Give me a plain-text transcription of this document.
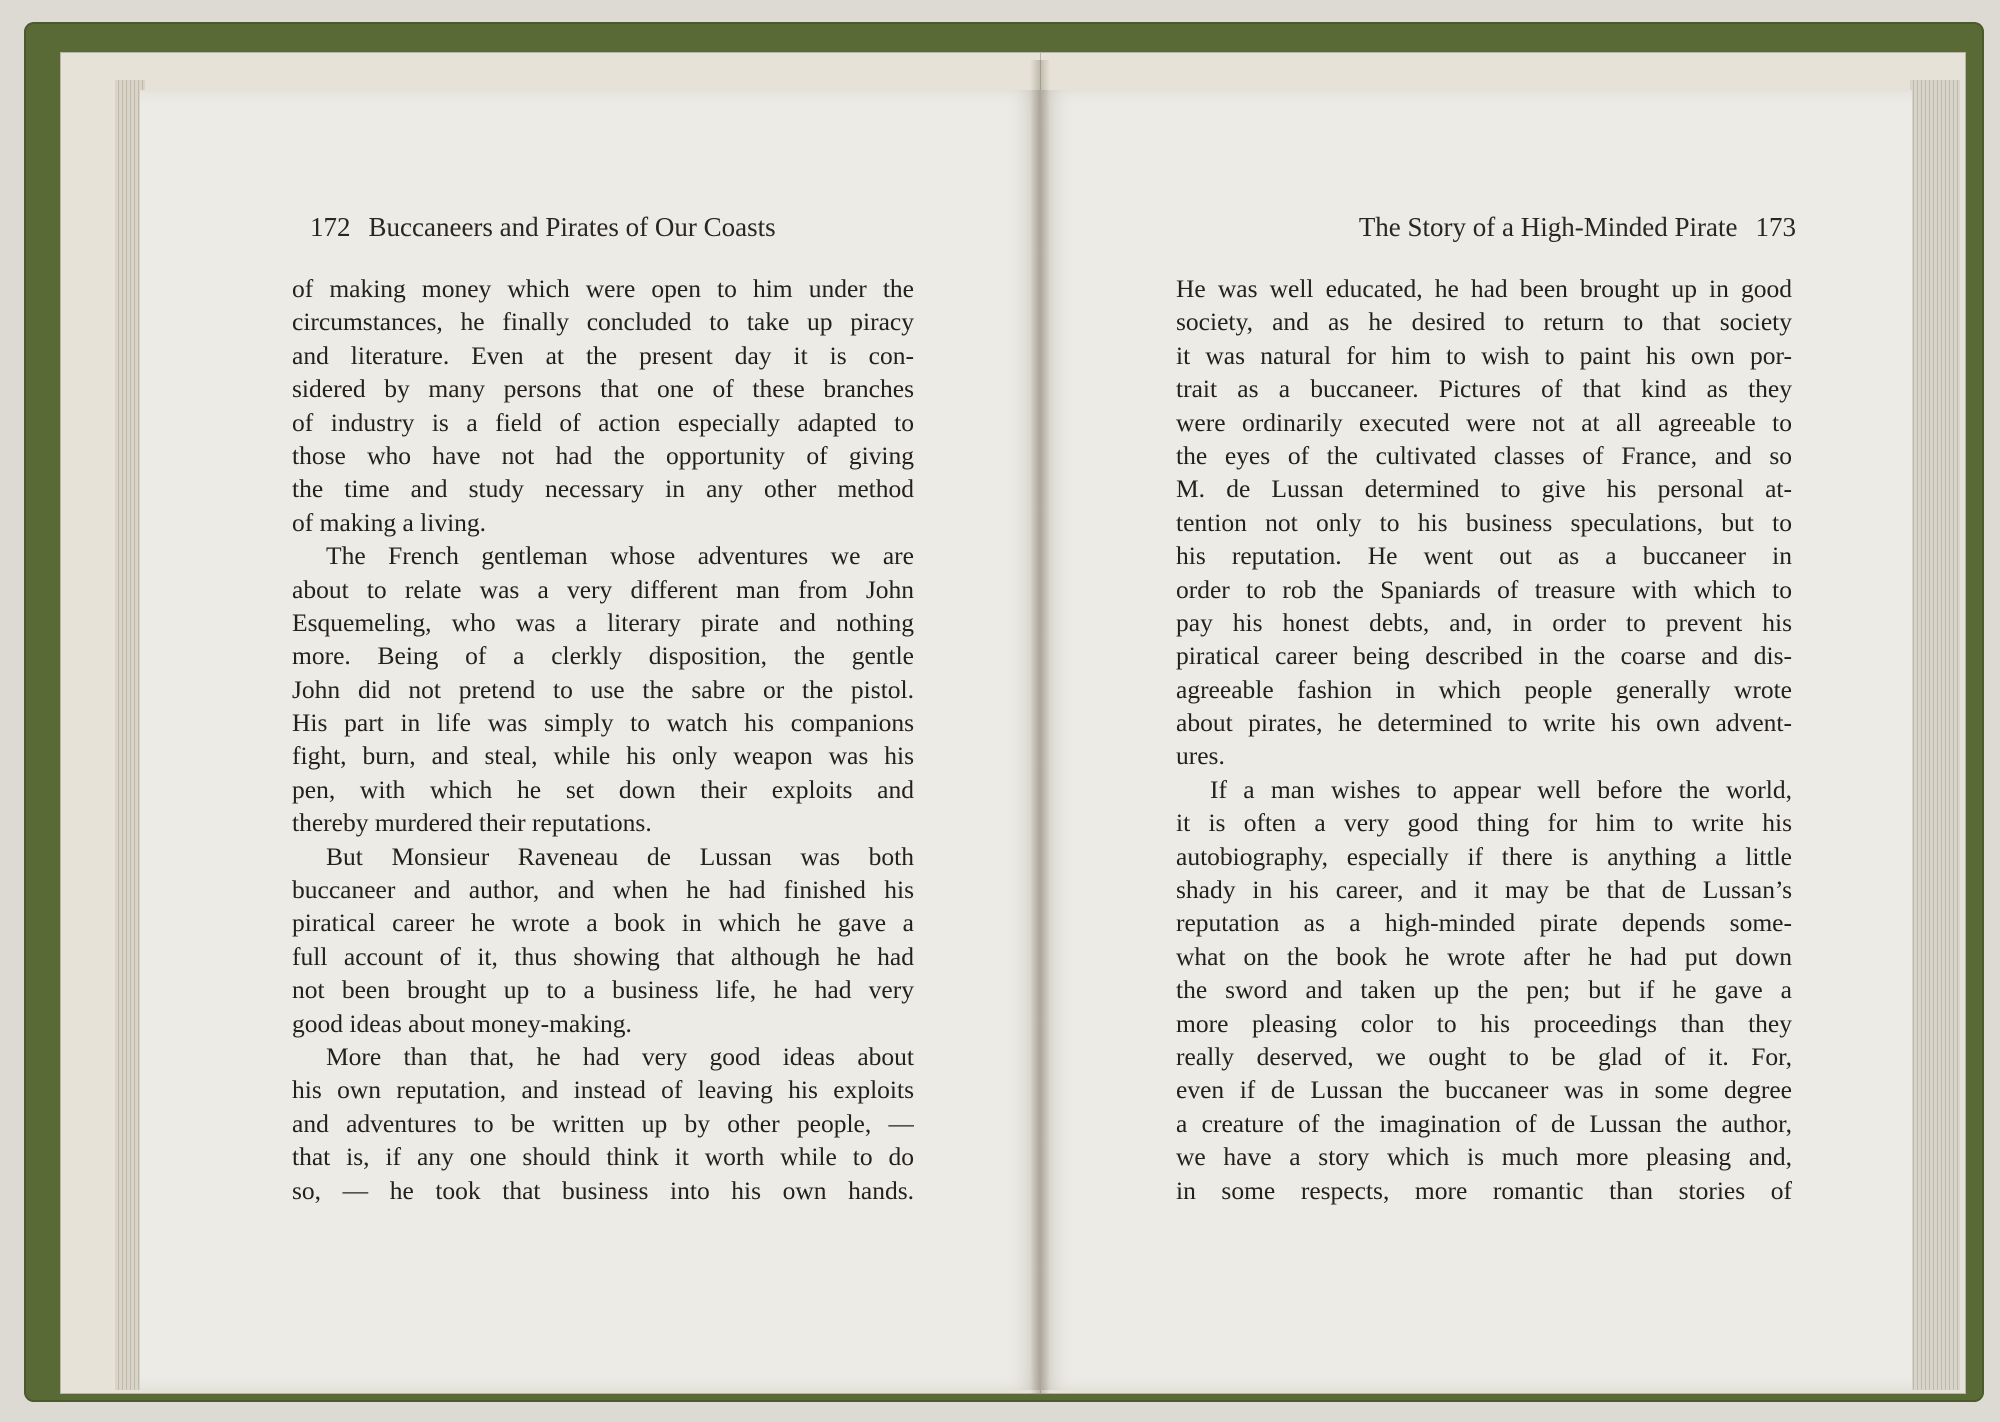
172 Buccaneers and Pirates of Our Coasts
of making money which were open to him under the
circumstances, he finally concluded to take up piracy
and literature. Even at the present day it is con-
sidered by many persons that one of these branches
of industry is a field of action especially adapted to
those who have not had the opportunity of giving
the time and study necessary in any other method
of making a living.
The French gentleman whose adventures we are
about to relate was a very different man from John
Esquemeling, who was a literary pirate and nothing
more. Being of a clerkly disposition, the gentle
John did not pretend to use the sabre or the pistol.
His part in life was simply to watch his companions
fight, burn, and steal, while his only weapon was his
pen, with which he set down their exploits and
thereby murdered their reputations.
But Monsieur Raveneau de Lussan was both
buccaneer and author, and when he had finished his
piratical career he wrote a book in which he gave a
full account of it, thus showing that although he had
not been brought up to a business life, he had very
good ideas about money-making.
More than that, he had very good ideas about
his own reputation, and instead of leaving his exploits
and adventures to be written up by other people, —
that is, if any one should think it worth while to do
so, — he took that business into his own hands.
The Story of a High-Minded Pirate 173
He was well educated, he had been brought up in good
society, and as he desired to return to that society
it was natural for him to wish to paint his own por-
trait as a buccaneer. Pictures of that kind as they
were ordinarily executed were not at all agreeable to
the eyes of the cultivated classes of France, and so
M. de Lussan determined to give his personal at-
tention not only to his business speculations, but to
his reputation. He went out as a buccaneer in
order to rob the Spaniards of treasure with which to
pay his honest debts, and, in order to prevent his
piratical career being described in the coarse and dis-
agreeable fashion in which people generally wrote
about pirates, he determined to write his own advent-
ures.
If a man wishes to appear well before the world,
it is often a very good thing for him to write his
autobiography, especially if there is anything a little
shady in his career, and it may be that de Lussan’s
reputation as a high-minded pirate depends some-
what on the book he wrote after he had put down
the sword and taken up the pen; but if he gave a
more pleasing color to his proceedings than they
really deserved, we ought to be glad of it. For,
even if de Lussan the buccaneer was in some degree
a creature of the imagination of de Lussan the author,
we have a story which is much more pleasing and,
in some respects, more romantic than stories of
